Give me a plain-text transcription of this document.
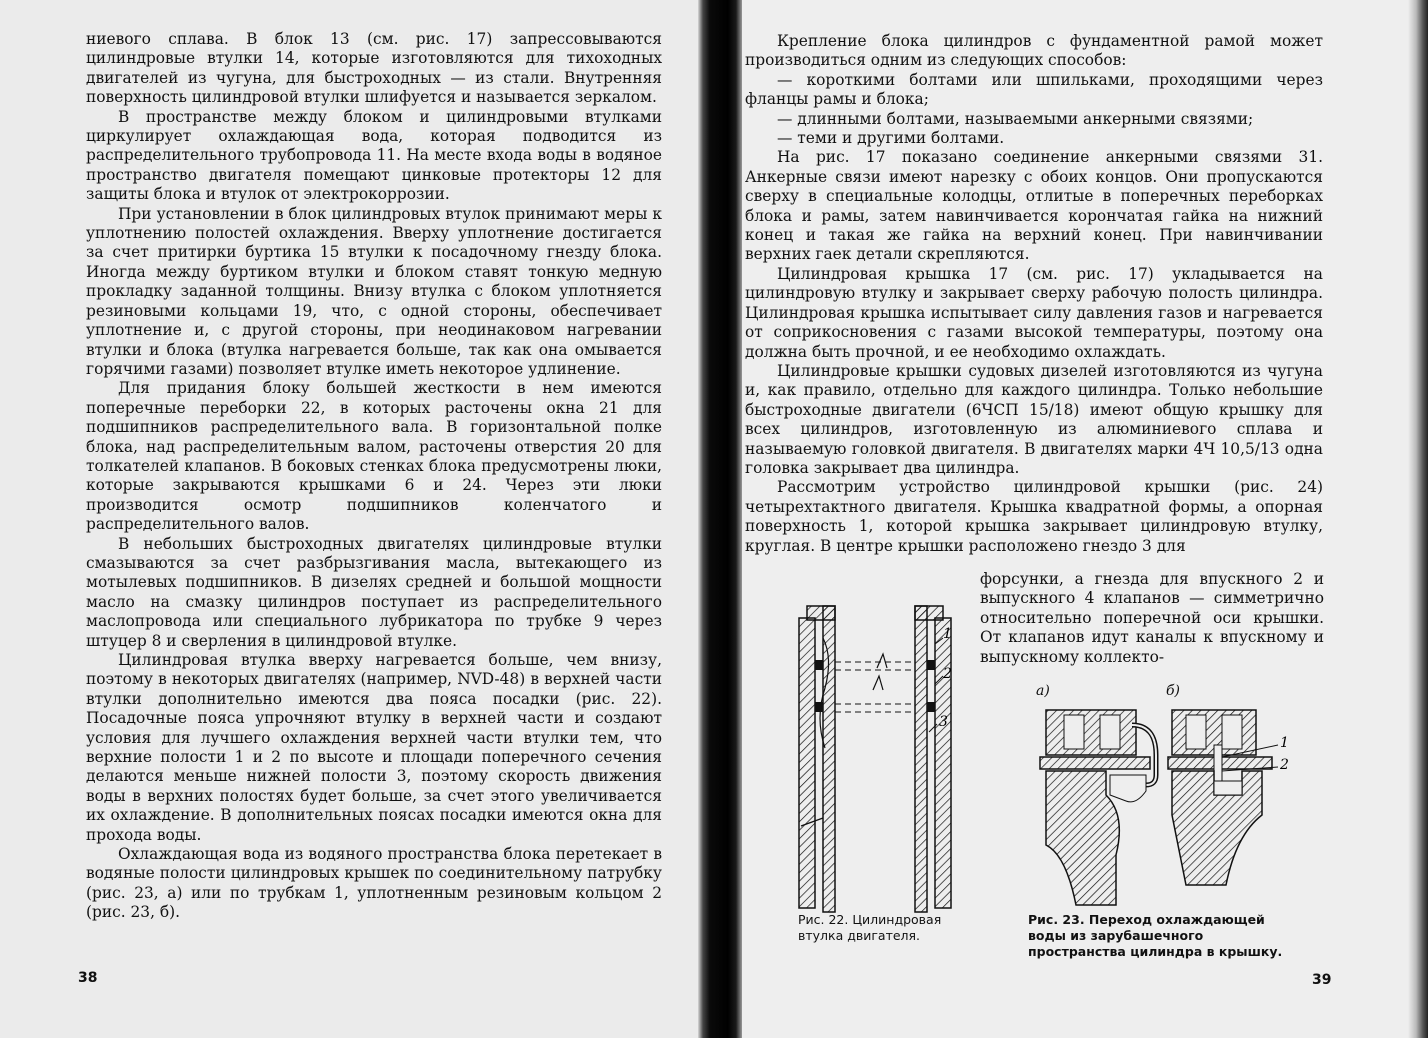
ниевого сплава. В блок 13 (см. рис. 17) запрессовываются цилиндровые втулки 14, которые изготовляются для тихоходных двигателей из чугуна, для быстроходных — из стали. Внутренняя поверхность цилиндровой втулки шлифуется и называется зеркалом.

В пространстве между блоком и цилиндровыми втулками циркулирует охлаждающая вода, которая подводится из распределительного трубопровода 11. На месте входа воды в водяное пространство двигателя помещают цинковые протекторы 12 для защиты блока и втулок от электрокоррозии.

При установлении в блок цилиндровых втулок принимают меры к уплотнению полостей охлаждения. Вверху уплотнение достигается за счет притирки буртика 15 втулки к посадочному гнезду блока. Иногда между буртиком втулки и блоком ставят тонкую медную прокладку заданной толщины. Внизу втулка с блоком уплотняется резиновыми кольцами 19, что, с одной стороны, обеспечивает уплотнение и, с другой стороны, при неодинаковом нагревании втулки и блока (втулка нагревается больше, так как она омывается горячими газами) позволяет втулке иметь некоторое удлинение.

Для придания блоку большей жесткости в нем имеются поперечные переборки 22, в которых расточены окна 21 для подшипников распределительного вала. В горизонтальной полке блока, над распределительным валом, расточены отверстия 20 для толкателей клапанов. В боковых стенках блока предусмотрены люки, которые закрываются крышками 6 и 24. Через эти люки производится осмотр подшипников коленчатого и распределительного валов.

В небольших быстроходных двигателях цилиндровые втулки смазываются за счет разбрызгивания масла, вытекающего из мотылевых подшипников. В дизелях средней и большой мощности масло на смазку цилиндров поступает из распределительного маслопровода или специального лубрикатора по трубке 9 через штуцер 8 и сверления в цилиндровой втулке.

Цилиндровая втулка вверху нагревается больше, чем внизу, поэтому в некоторых двигателях (например, NVD-48) в верхней части втулки дополнительно имеются два пояса посадки (рис. 22). Посадочные пояса упрочняют втулку в верхней части и создают условия для лучшего охлаждения верхней части втулки тем, что верхние полости 1 и 2 по высоте и площади поперечного сечения делаются меньше нижней полости 3, поэтому скорость движения воды в верхних полостях будет больше, за счет этого увеличивается их охлаждение. В дополнительных поясах посадки имеются окна для прохода воды.

Охлаждающая вода из водяного пространства блока перетекает в водяные полости цилиндровых крышек по соединительному патрубку (рис. 23, а) или по трубкам 1, уплотненным резиновым кольцом 2 (рис. 23, б).

38

Крепление блока цилиндров с фундаментной рамой может производиться одним из следующих способов:

— короткими болтами или шпильками, проходящими через фланцы рамы и блока;

— длинными болтами, называемыми анкерными связями;

— теми и другими болтами.

На рис. 17 показано соединение анкерными связями 31. Анкерные связи имеют нарезку с обоих концов. Они пропускаются сверху в специальные колодцы, отлитые в поперечных переборках блока и рамы, затем навинчивается корончатая гайка на нижний конец и такая же гайка на верхний конец. При навинчивании верхних гаек детали скрепляются.

Цилиндровая крышка 17 (см. рис. 17) укладывается на цилиндровую втулку и закрывает сверху рабочую полость цилиндра. Цилиндровая крышка испытывает силу давления газов и нагревается от соприкосновения с газами высокой температуры, поэтому она должна быть прочной, и ее необходимо охлаждать.

Цилиндровые крышки судовых дизелей изготовляются из чугуна и, как правило, отдельно для каждого цилиндра. Только небольшие быстроходные двигатели (6ЧСП 15/18) имеют общую крышку для всех цилиндров, изготовленную из алюминиевого сплава и называемую головкой двигателя. В двигателях марки 4Ч 10,5/13 одна головка закрывает два цилиндра.

Рассмотрим устройство цилиндровой крышки (рис. 24) четырехтактного двигателя. Крышка квадратной формы, а опорная поверхность 1, которой крышка закрывает цилиндровую втулку, круглая. В центре крышки расположено гнездо 3 для

форсунки, а гнезда для впускного 2 и выпускного 4 клапанов — симметрично относительно поперечной оси крышки. От клапанов идут каналы к впускному и выпускному коллекто-

1
2
3
Рис. 22. Цилиндровая втулка двигателя.
а)	б)
1
2
Рис. 23. Переход охлаждающей воды из зарубашечного пространства цилиндра в крышку.
39
